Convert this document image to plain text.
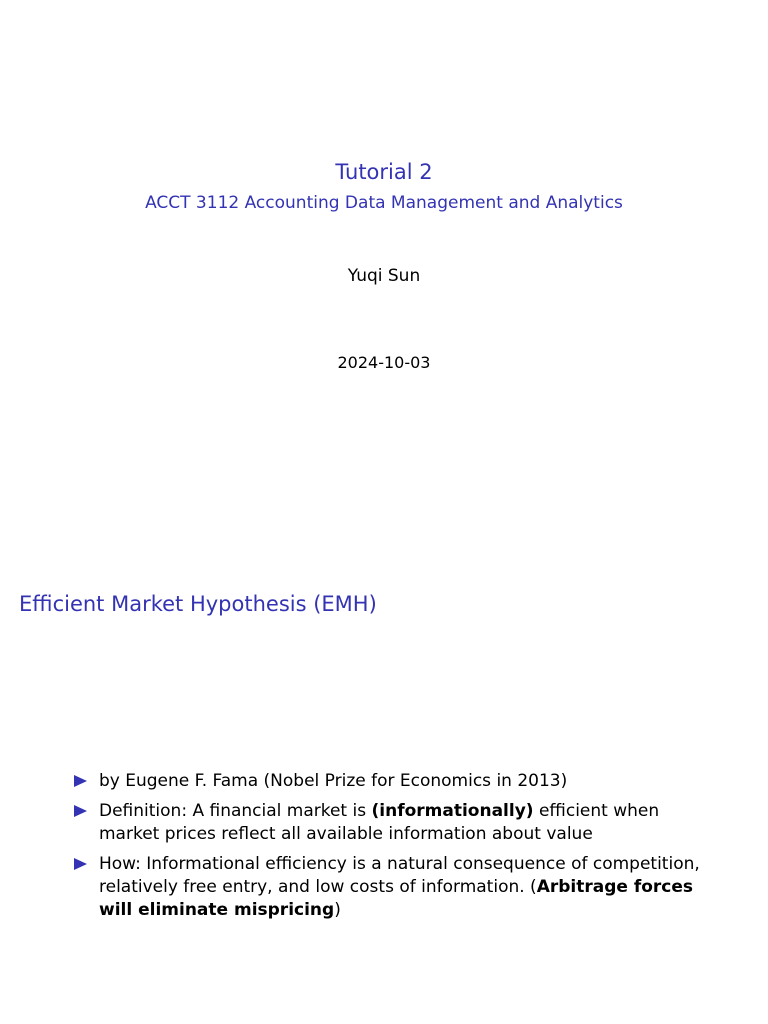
Tutorial 2
ACCT 3112 Accounting Data Management and Analytics
Yuqi Sun
2024-10-03
Efficient Market Hypothesis (EMH)
by Eugene F. Fama (Nobel Prize for Economics in 2013)
Definition: A financial market is (informationally) efficient when market prices reflect all available information about value
How: Informational efficiency is a natural consequence of competition, relatively free entry, and low costs of information. (Arbitrage forces will eliminate mispricing)
